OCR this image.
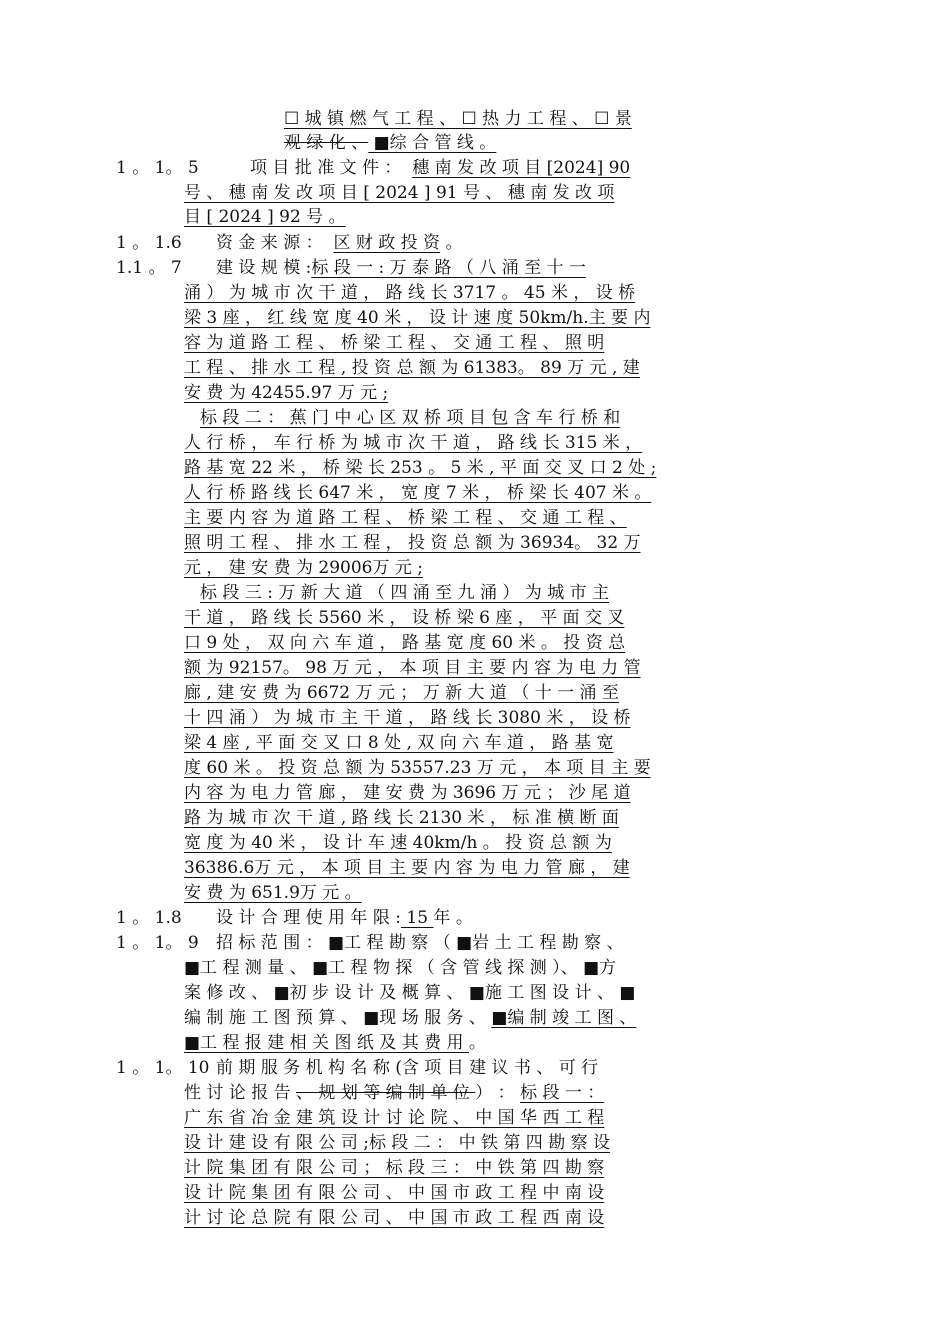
☐ 城 镇 燃 气 工 程 、 ☐ 热 力 工 程 、 ☐ 景
观 绿 化 、 ■综 合 管 线 。
1 。 1。 5	项 目 批 准 文 件 ： 穗 南 发 改 项 目 [2024] 90
号 、 穗 南 发 改 项 目 [ 2024 ] 91 号 、 穗 南 发 改 项
目 [ 2024 ] 92 号 。
1 。 1.6 资 金 来 源 ： 区 财 政 投 资 。
1.1 。 7 建 设 规 模 :标 段 一 : 万 泰 路 （ 八 涌 至 十 一
涌 ） 为 城 市 次 干 道 ， 路 线 长 3717 。 45 米 ， 设 桥
梁 3 座 ， 红 线 宽 度 40 米 ， 设 计 速 度 50km/h.主 要 内
容 为 道 路 工 程 、 桥 梁 工 程 、 交 通 工 程 、 照 明
工 程 、 排 水 工 程 , 投 资 总 额 为 61383。 89 万 元 , 建
安 费 为 42455.97 万 元 ;
标 段 二 ： 蕉 门 中 心 区 双 桥 项 目 包 含 车 行 桥 和
人 行 桥 ， 车 行 桥 为 城 市 次 干 道 ， 路 线 长 315 米 ，
路 基 宽 22 米 ， 桥 梁 长 253 。 5 米 , 平 面 交 叉 口 2 处 ;
人 行 桥 路 线 长 647 米 ， 宽 度 7 米 ， 桥 梁 长 407 米 。
主 要 内 容 为 道 路 工 程 、 桥 梁 工 程 、 交 通 工 程 、
照 明 工 程 、 排 水 工 程 ， 投 资 总 额 为 36934。 32 万
元 ， 建 安 费 为 29006万 元 ;
标 段 三 : 万 新 大 道 （ 四 涌 至 九 涌 ） 为 城 市 主
干 道 ， 路 线 长 5560 米 ， 设 桥 梁 6 座 ， 平 面 交 叉
口 9 处 ， 双 向 六 车 道 ， 路 基 宽 度 60 米 。 投 资 总
额 为 92157。 98 万 元 ， 本 项 目 主 要 内 容 为 电 力 管
廊 , 建 安 费 为 6672 万 元 ； 万 新 大 道 （ 十 一 涌 至
十 四 涌 ） 为 城 市 主 干 道 ， 路 线 长 3080 米 ， 设 桥
梁 4 座 , 平 面 交 叉 口 8 处 , 双 向 六 车 道 ， 路 基 宽
度 60 米 。 投 资 总 额 为 53557.23 万 元 ， 本 项 目 主 要
内 容 为 电 力 管 廊 ， 建 安 费 为 3696 万 元 ； 沙 尾 道
路 为 城 市 次 干 道 , 路 线 长 2130 米 ， 标 准 横 断 面
宽 度 为 40 米 ， 设 计 车 速 40km/h 。 投 资 总 额 为
36386.6万 元 ， 本 项 目 主 要 内 容 为 电 力 管 廊 ， 建
安 费 为 651.9万 元 。
1 。 1.8 设 计 合 理 使 用 年 限 : 15 年 。
1 。 1。 9 招 标 范 围 ： ■工 程 勘 察 （ ■岩 土 工 程 勘 察 、
■工 程 测 量 、 ■工 程 物 探 （ 含 管 线 探 测 ）、 ■方
案 修 改 、 ■初 步 设 计 及 概 算 、 ■施 工 图 设 计 、 ■
编 制 施 工 图 预 算 、 ■现 场 服 务 、 ■编 制 竣 工 图 、
■工 程 报 建 相 关 图 纸 及 其 费 用 。
1 。 1。 10 前 期 服 务 机 构 名 称 (含 项 目 建 议 书 、 可 行
性 讨 论 报 告 、 规 划 等 编 制 单 位 ） ： 标 段 一 ：
广 东 省 冶 金 建 筑 设 计 讨 论 院 、 中 国 华 西 工 程
设 计 建 设 有 限 公 司 ;标 段 二 ： 中 铁 第 四 勘 察 设
计 院 集 团 有 限 公 司 ； 标 段 三 ： 中 铁 第 四 勘 察
设 计 院 集 团 有 限 公 司 、 中 国 市 政 工 程 中 南 设
计 讨 论 总 院 有 限 公 司 、 中 国 市 政 工 程 西 南 设
